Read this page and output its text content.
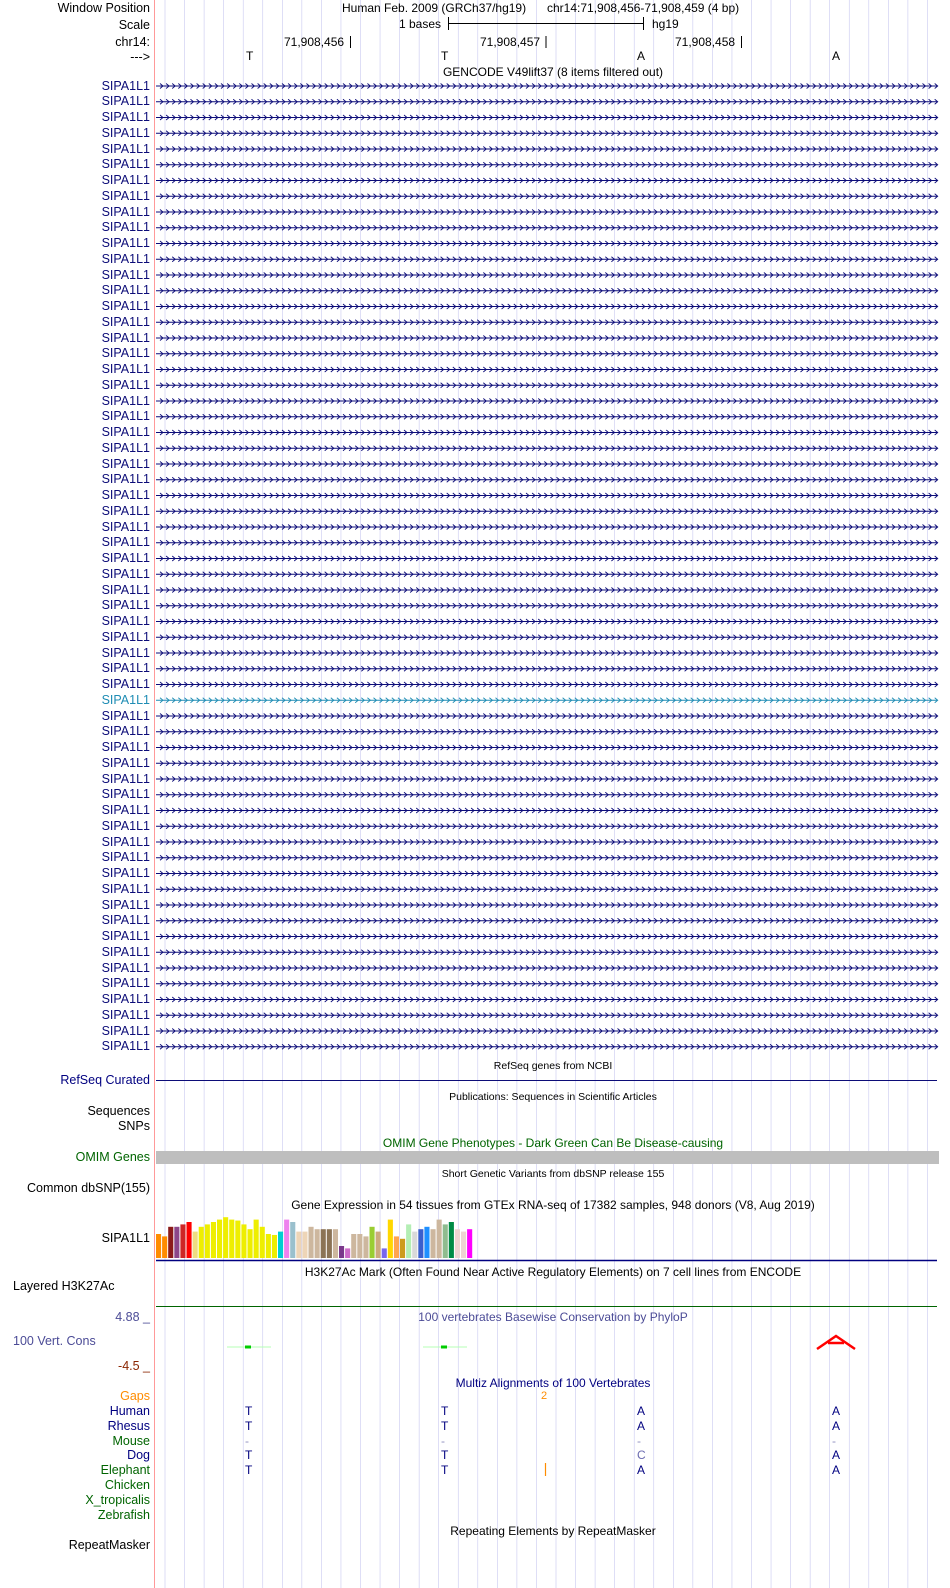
Window Position	Human Feb. 2009 (GRCh37/hg19) chr14:71,908,456-71,908,459 (4 bp)
Scale	1 bases	hg19
chr14:	71,908,456	71,908,457	71,908,458
--->	T	T	A	A
GENCODE V49lift37 (8 items filtered out)
SIPA1L1
SIPA1L1
SIPA1L1
SIPA1L1
SIPA1L1
SIPA1L1
SIPA1L1
SIPA1L1
SIPA1L1
SIPA1L1
SIPA1L1
SIPA1L1
SIPA1L1
SIPA1L1
SIPA1L1
SIPA1L1
SIPA1L1
SIPA1L1
SIPA1L1
SIPA1L1
SIPA1L1
SIPA1L1
SIPA1L1
SIPA1L1
SIPA1L1
SIPA1L1
SIPA1L1
SIPA1L1
SIPA1L1
SIPA1L1
SIPA1L1
SIPA1L1
SIPA1L1
SIPA1L1
SIPA1L1
SIPA1L1
SIPA1L1
SIPA1L1
SIPA1L1
SIPA1L1
SIPA1L1
SIPA1L1
SIPA1L1
SIPA1L1
SIPA1L1
SIPA1L1
SIPA1L1
SIPA1L1
SIPA1L1
SIPA1L1
SIPA1L1
SIPA1L1
SIPA1L1
SIPA1L1
SIPA1L1
SIPA1L1
SIPA1L1
SIPA1L1
SIPA1L1
SIPA1L1
SIPA1L1
SIPA1L1
RefSeq genes from NCBI
RefSeq Curated
Publications: Sequences in Scientific Articles
Sequences
SNPs
OMIM Gene Phenotypes - Dark Green Can Be Disease-causing
OMIM Genes
Short Genetic Variants from dbSNP release 155
Common dbSNP(155)
Gene Expression in 54 tissues from GTEx RNA-seq of 17382 samples, 948 donors (V8, Aug 2019)
SIPA1L1
H3K27Ac Mark (Often Found Near Active Regulatory Elements) on 7 cell lines from ENCODE
Layered H3K27Ac
100 vertebrates Basewise Conservation by PhyloP
4.88 _
100 Vert. Cons
-4.5 _
Multiz Alignments of 100 Vertebrates
Gaps	2
Human	T	T	A	A
Rhesus	T	T	A	A
Mouse	-	-	-	-
Dog	T	T	C	A
Elephant	T	T	A	A
Chicken
X_tropicalis
Zebrafish
Repeating Elements by RepeatMasker
RepeatMasker
